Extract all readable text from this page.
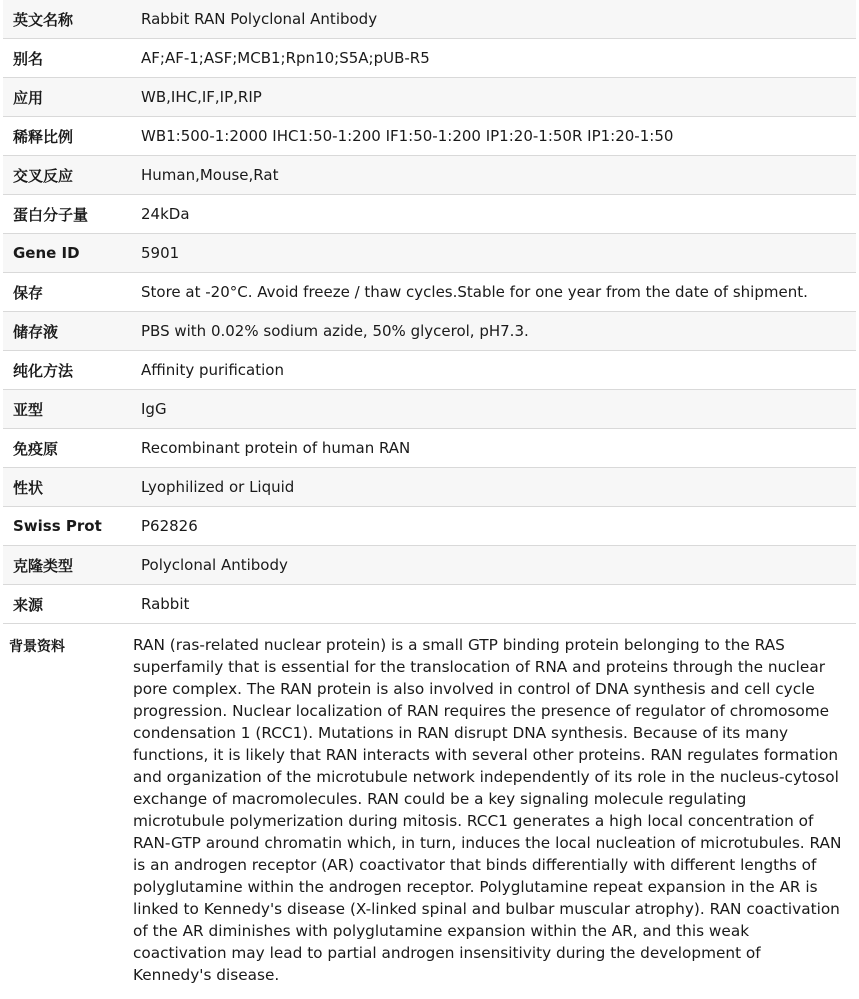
英文名称	Rabbit RAN Polyclonal Antibody
别名	AF;AF-1;ASF;MCB1;Rpn10;S5A;pUB-R5
应用	WB,IHC,IF,IP,RIP
稀释比例	WB1:500-1:2000 IHC1:50-1:200 IF1:50-1:200 IP1:20-1:50R IP1:20-1:50
交叉反应	Human,Mouse,Rat
蛋白分子量	24kDa
Gene ID	5901
保存	Store at -20°C. Avoid freeze / thaw cycles.Stable for one year from the date of shipment.
储存液	PBS with 0.02% sodium azide, 50% glycerol, pH7.3.
纯化方法	Affinity purification
亚型	IgG
免疫原	Recombinant protein of human RAN
性状	Lyophilized or Liquid
Swiss Prot	P62826
克隆类型	Polyclonal Antibody
来源	Rabbit
背景资料	RAN (ras-related nuclear protein) is a small GTP binding protein belonging to the RAS superfamily that is essential for the translocation of RNA and proteins through the nuclear pore complex. The RAN protein is also involved in control of DNA synthesis and cell cycle progression. Nuclear localization of RAN requires the presence of regulator of chromosome condensation 1 (RCC1). Mutations in RAN disrupt DNA synthesis. Because of its many functions, it is likely that RAN interacts with several other proteins. RAN regulates formation and organization of the microtubule network independently of its role in the nucleus-cytosol exchange of macromolecules. RAN could be a key signaling molecule regulating microtubule polymerization during mitosis. RCC1 generates a high local concentration of RAN-GTP around chromatin which, in turn, induces the local nucleation of microtubules. RAN is an androgen receptor (AR) coactivator that binds differentially with different lengths of polyglutamine within the androgen receptor. Polyglutamine repeat expansion in the AR is linked to Kennedy's disease (X-linked spinal and bulbar muscular atrophy). RAN coactivation of the AR diminishes with polyglutamine expansion within the AR, and this weak coactivation may lead to partial androgen insensitivity during the development of Kennedy's disease.
